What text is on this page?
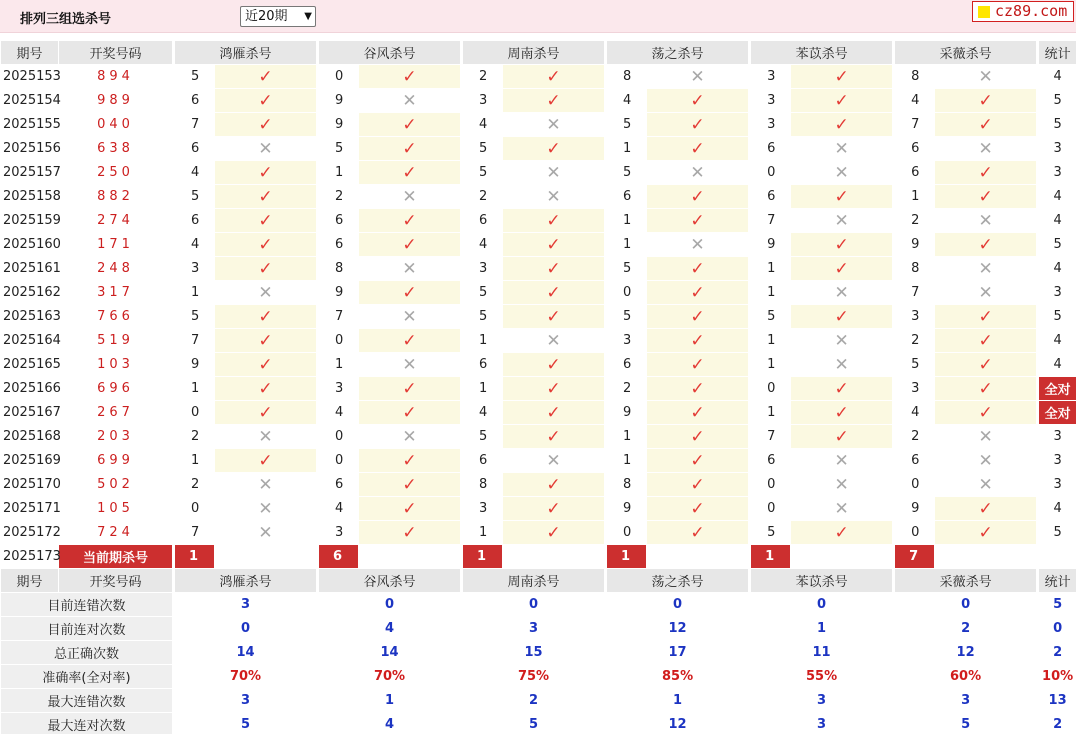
排列三组选杀号	近20期 ▼	cz89.com
期号	开奖号码		鸿雁杀号			谷风杀号			周南杀号			荡之杀号			苯苡杀号			采薇杀号			统计
2025153	894		5	✓		0	✓		2	✓		8	✕		3	✓		8	✕		4
2025154	989		6	✓		9	✕		3	✓		4	✓		3	✓		4	✓		5
2025155	040		7	✓		9	✓		4	✕		5	✓		3	✓		7	✓		5
2025156	638		6	✕		5	✓		5	✓		1	✓		6	✕		6	✕		3
2025157	250		4	✓		1	✓		5	✕		5	✕		0	✕		6	✓		3
2025158	882		5	✓		2	✕		2	✕		6	✓		6	✓		1	✓		4
2025159	274		6	✓		6	✓		6	✓		1	✓		7	✕		2	✕		4
2025160	171		4	✓		6	✓		4	✓		1	✕		9	✓		9	✓		5
2025161	248		3	✓		8	✕		3	✓		5	✓		1	✓		8	✕		4
2025162	317		1	✕		9	✓		5	✓		0	✓		1	✕		7	✕		3
2025163	766		5	✓		7	✕		5	✓		5	✓		5	✓		3	✓		5
2025164	519		7	✓		0	✓		1	✕		3	✓		1	✕		2	✓		4
2025165	103		9	✓		1	✕		6	✓		6	✓		1	✕		5	✓		4
2025166	696		1	✓		3	✓		1	✓		2	✓		0	✓		3	✓		全对
2025167	267		0	✓		4	✓		4	✓		9	✓		1	✓		4	✓		全对
2025168	203		2	✕		0	✕		5	✓		1	✓		7	✓		2	✕		3
2025169	699		1	✓		0	✓		6	✕		1	✓		6	✕		6	✕		3
2025170	502		2	✕		6	✓		8	✓		8	✓		0	✕		0	✕		3
2025171	105		0	✕		4	✓		3	✓		9	✓		0	✕		9	✓		4
2025172	724		7	✕		3	✓		1	✓		0	✓		5	✓		0	✓		5
2025173	当前期杀号		1			6			1			1			1			7			
期号	开奖号码		鸿雁杀号			谷风杀号			周南杀号			荡之杀号			苯苡杀号			采薇杀号			统计
目前连错次数			3			0			0			0			0			0			5
目前连对次数			0			4			3			12			1			2			0
总正确次数			14			14			15			17			11			12			2
准确率(全对率)			70%			70%			75%			85%			55%			60%			10%
最大连错次数			3			1			2			1			3			3			13
最大连对次数			5			4			5			12			3			5			2
